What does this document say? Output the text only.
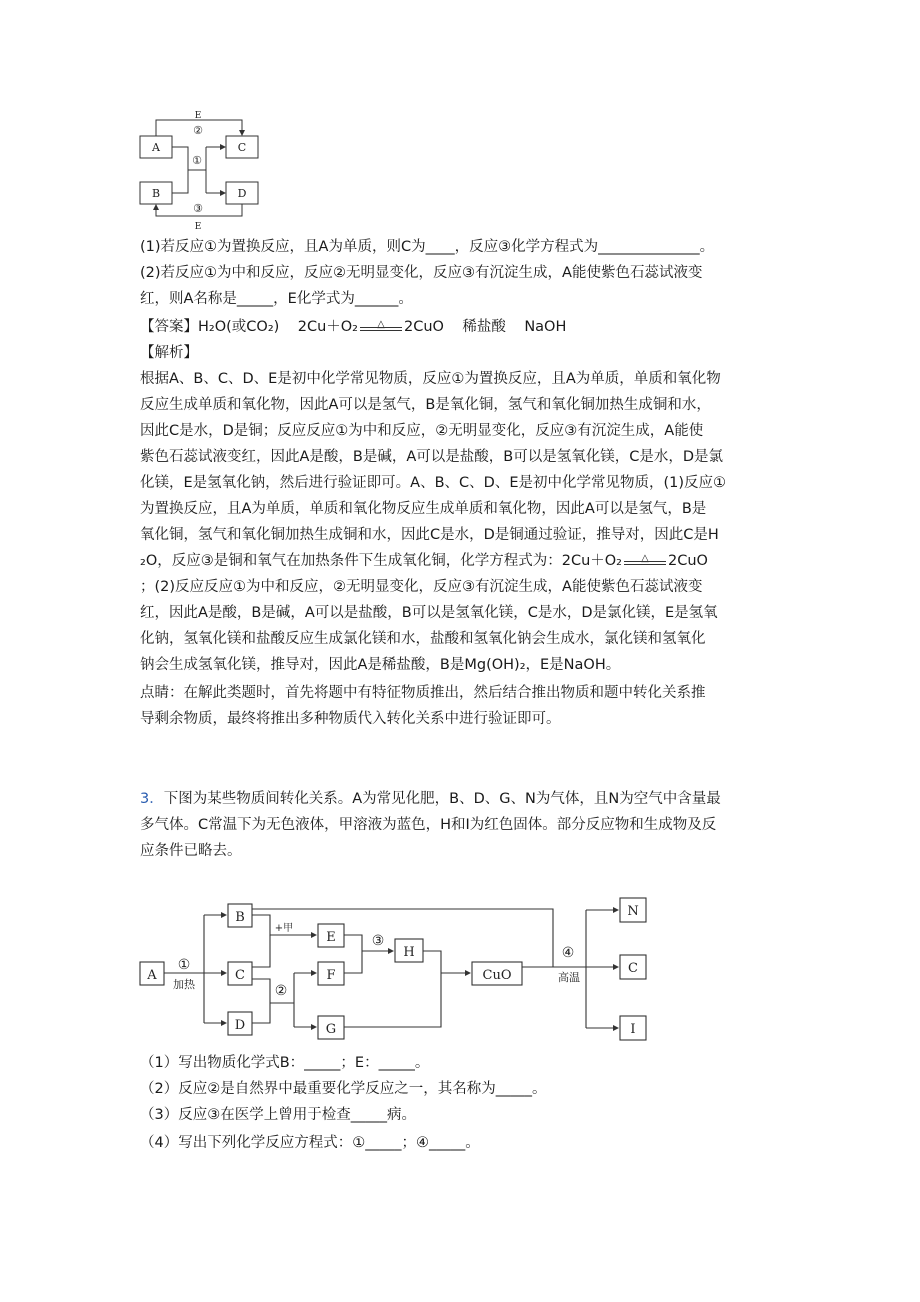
A
B
C
D
E
②
①
③
E
(1)若反应①为置换反应，且A为单质，则C为____，反应③化学方程式为______________。
(2)若反应①为中和反应，反应②无明显变化，反应③有沉淀生成，A能使紫色石蕊试液变
红，则A名称是_____，E化学式为______。
【答案】H₂O(或CO₂) 2Cu＋O₂	△	2CuO 稀盐酸 NaOH
【解析】
根据A、B、C、D、E是初中化学常见物质，反应①为置换反应，且A为单质，单质和氧化物
反应生成单质和氧化物，因此A可以是氢气，B是氧化铜，氢气和氧化铜加热生成铜和水，
因此C是水，D是铜；反应反应①为中和反应，②无明显变化，反应③有沉淀生成，A能使
紫色石蕊试液变红，因此A是酸，B是碱，A可以是盐酸，B可以是氢氧化镁，C是水，D是氯
化镁，E是氢氧化钠，然后进行验证即可。A、B、C、D、E是初中化学常见物质，(1)反应①
为置换反应，且A为单质，单质和氧化物反应生成单质和氧化物，因此A可以是氢气，B是
氧化铜，氢气和氧化铜加热生成铜和水，因此C是水，D是铜通过验证，推导对，因此C是H
₂O，反应③是铜和氧气在加热条件下生成氧化铜，化学方程式为：2Cu＋O₂	△	2CuO
；(2)反应反应①为中和反应，②无明显变化，反应③有沉淀生成，A能使紫色石蕊试液变
红，因此A是酸，B是碱，A可以是盐酸，B可以是氢氧化镁，C是水，D是氯化镁，E是氢氧
化钠，氢氧化镁和盐酸反应生成氯化镁和水，盐酸和氢氧化钠会生成水，氯化镁和氢氧化
钠会生成氢氧化镁，推导对，因此A是稀盐酸，B是Mg(OH)₂，E是NaOH。
点睛：在解此类题时，首先将题中有特征物质推出，然后结合推出物质和题中转化关系推
导剩余物质，最终将推出多种物质代入转化关系中进行验证即可。
3．下图为某些物质间转化关系。A为常见化肥，B、D、G、N为气体，且N为空气中含量最
多气体。C常温下为无色液体，甲溶液为蓝色，H和I为红色固体。部分反应物和生成物及反
应条件已略去。
A
B
C
D
E
F
G
H
CuO
N
C
I
①
加热
+甲
②
③
④
高温
（1）写出物质化学式B：_____；E：_____。
（2）反应②是自然界中最重要化学反应之一，其名称为_____。
（3）反应③在医学上曾用于检查_____病。
（4）写出下列化学反应方程式：①_____；④_____。
